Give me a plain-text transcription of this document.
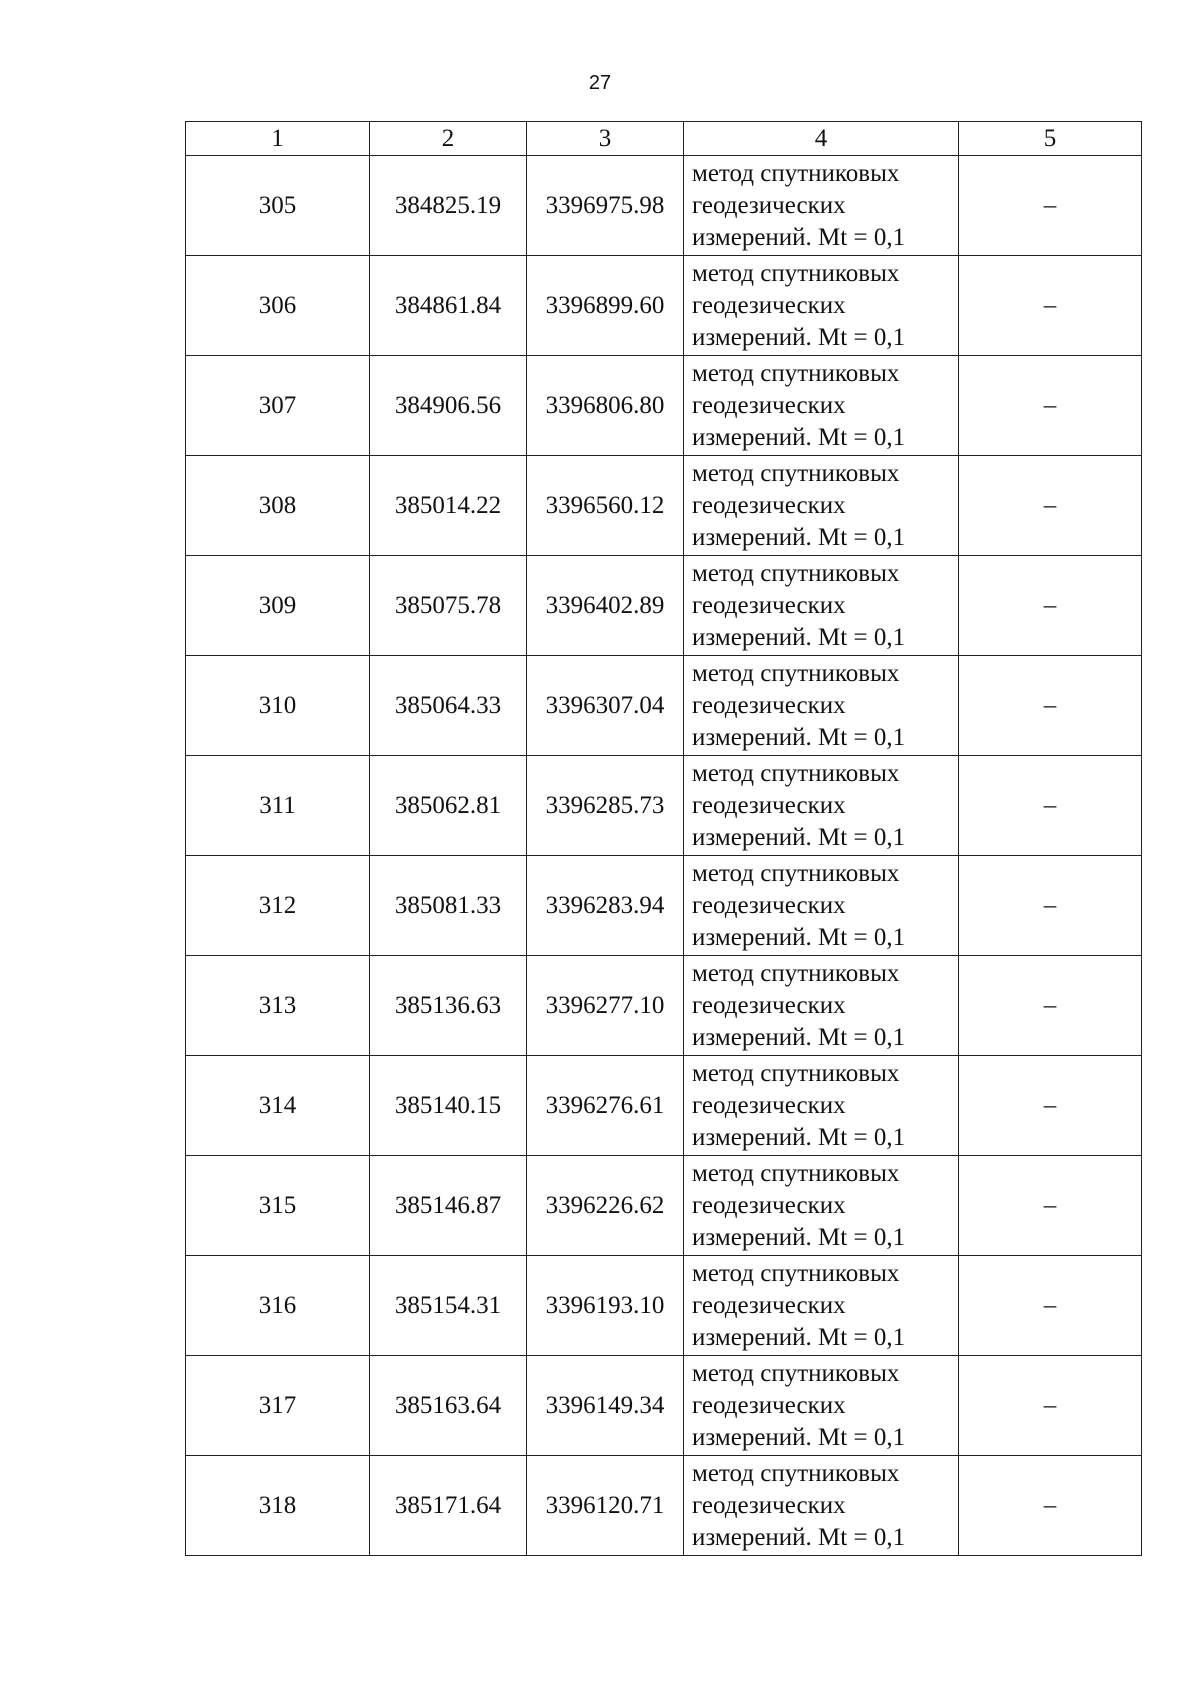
27
1	2	3	4	5
305	384825.19	3396975.98	метод спутниковых
геодезических
измерений. Mt = 0,1	–
306	384861.84	3396899.60	метод спутниковых
геодезических
измерений. Mt = 0,1	–
307	384906.56	3396806.80	метод спутниковых
геодезических
измерений. Mt = 0,1	–
308	385014.22	3396560.12	метод спутниковых
геодезических
измерений. Mt = 0,1	–
309	385075.78	3396402.89	метод спутниковых
геодезических
измерений. Mt = 0,1	–
310	385064.33	3396307.04	метод спутниковых
геодезических
измерений. Mt = 0,1	–
311	385062.81	3396285.73	метод спутниковых
геодезических
измерений. Mt = 0,1	–
312	385081.33	3396283.94	метод спутниковых
геодезических
измерений. Mt = 0,1	–
313	385136.63	3396277.10	метод спутниковых
геодезических
измерений. Mt = 0,1	–
314	385140.15	3396276.61	метод спутниковых
геодезических
измерений. Mt = 0,1	–
315	385146.87	3396226.62	метод спутниковых
геодезических
измерений. Mt = 0,1	–
316	385154.31	3396193.10	метод спутниковых
геодезических
измерений. Mt = 0,1	–
317	385163.64	3396149.34	метод спутниковых
геодезических
измерений. Mt = 0,1	–
318	385171.64	3396120.71	метод спутниковых
геодезических
измерений. Mt = 0,1	–
